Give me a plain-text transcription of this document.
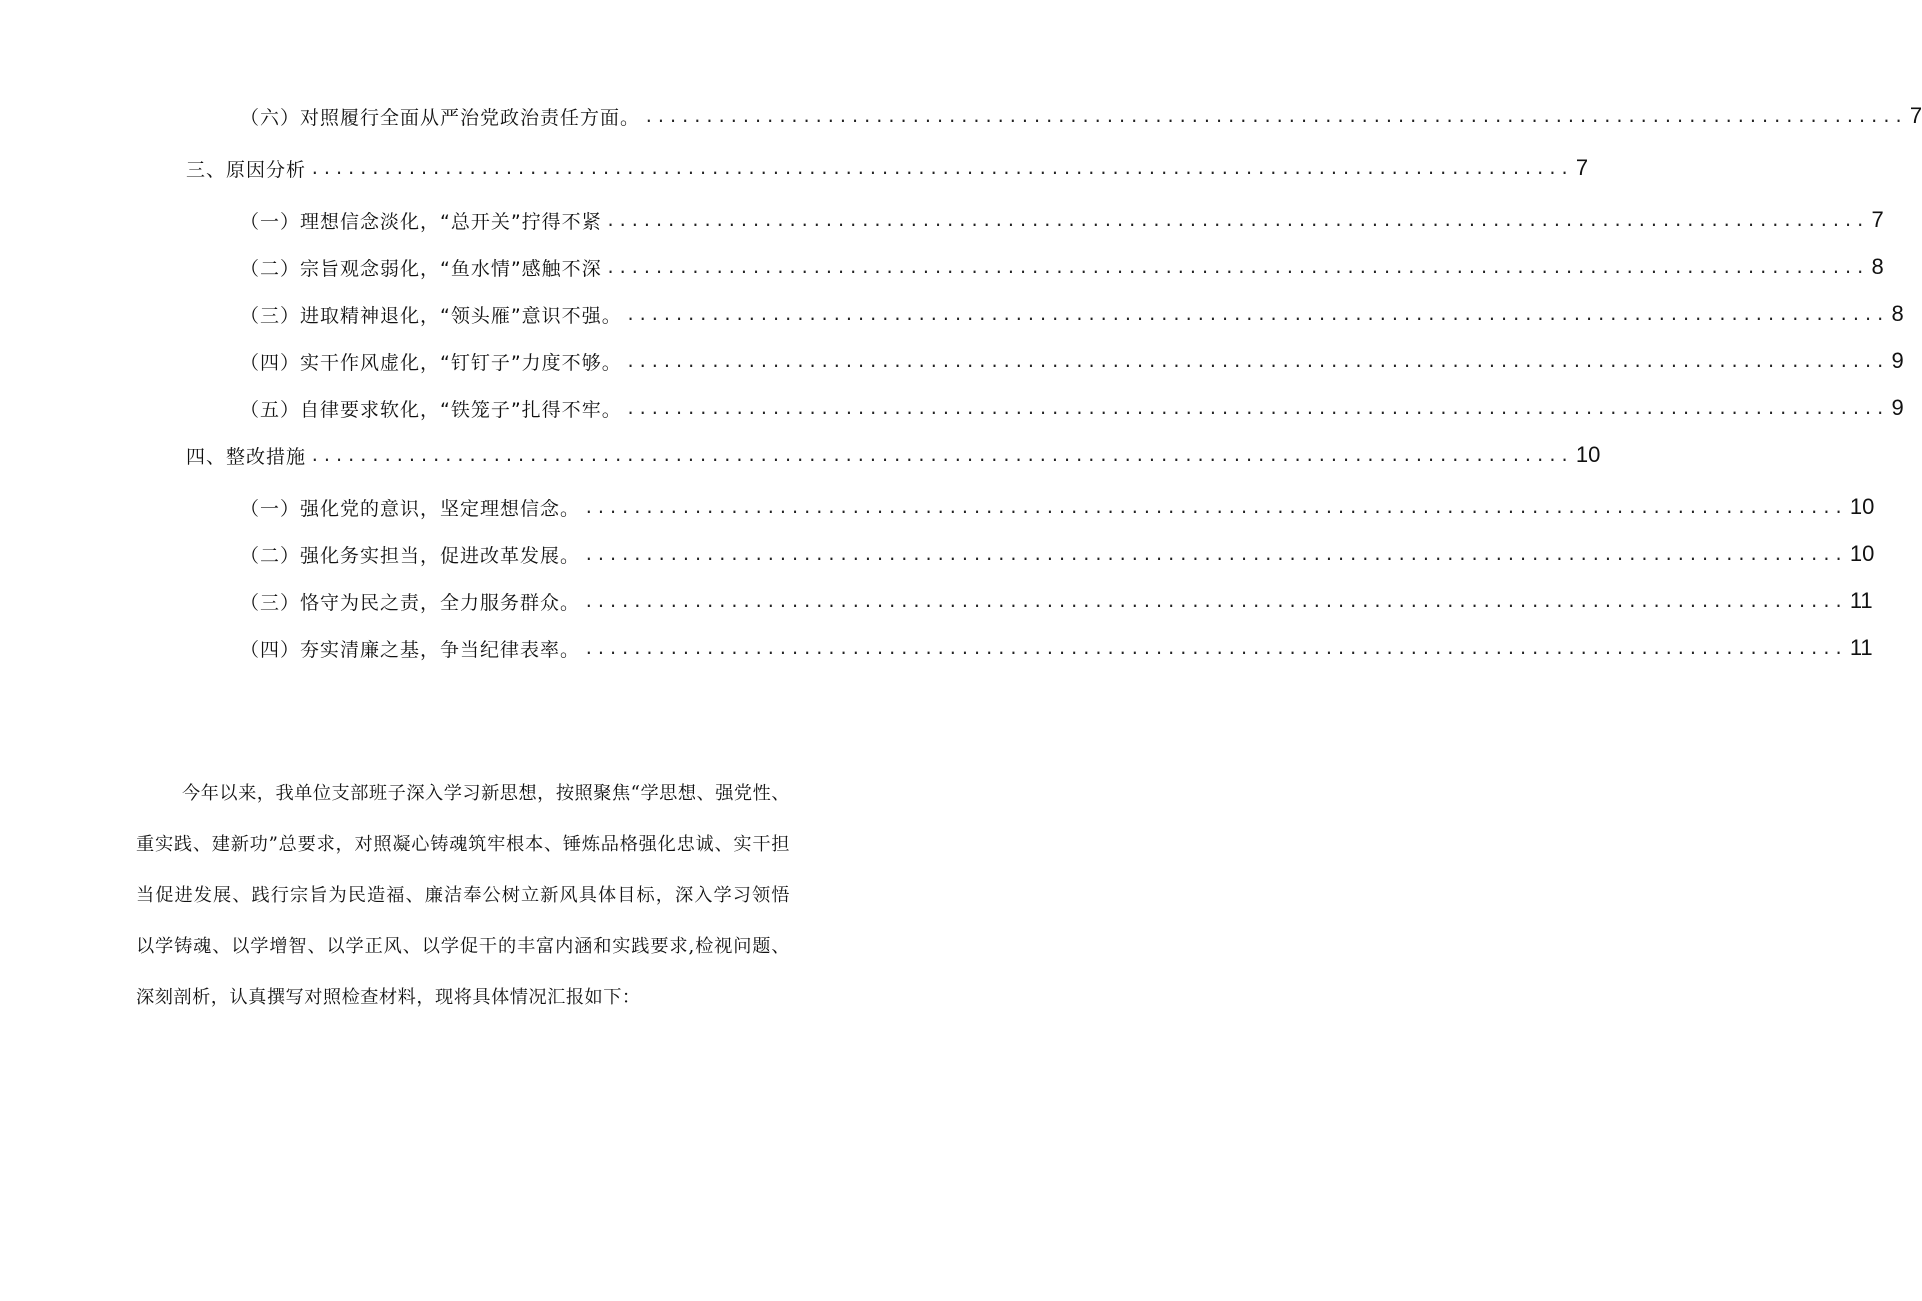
（六）对照履行全面从严治党政治责任方面。 ........................................................................................................ 7
三、原因分析 ........................................................................................................ 7
（一）理想信念淡化，“总开关”拧得不紧 ........................................................................................................ 7
（二）宗旨观念弱化，“鱼水情”感触不深 ........................................................................................................ 8
（三）进取精神退化，“领头雁”意识不强。 ........................................................................................................ 8
（四）实干作风虚化，“钉钉子”力度不够。 ........................................................................................................ 9
（五）自律要求软化，“铁笼子”扎得不牢。 ........................................................................................................ 9
四、整改措施 ........................................................................................................ 10
（一）强化党的意识，坚定理想信念。 ........................................................................................................ 10
（二）强化务实担当，促进改革发展。 ........................................................................................................ 10
（三）恪守为民之责，全力服务群众。 ........................................................................................................ 11
（四）夯实清廉之基，争当纪律表率。 ........................................................................................................ 11

今年以来，我单位支部班子深入学习新思想，按照聚焦“学思想、强党性、重实践、建新功”总要求，对照凝心铸魂筑牢根本、锤炼品格强化忠诚、实干担当促进发展、践行宗旨为民造福、廉洁奉公树立新风具体目标，深入学习领悟以学铸魂、以学增智、以学正风、以学促干的丰富内涵和实践要求,检视问题、深刻剖析，认真撰写对照检查材料，现将具体情况汇报如下：
